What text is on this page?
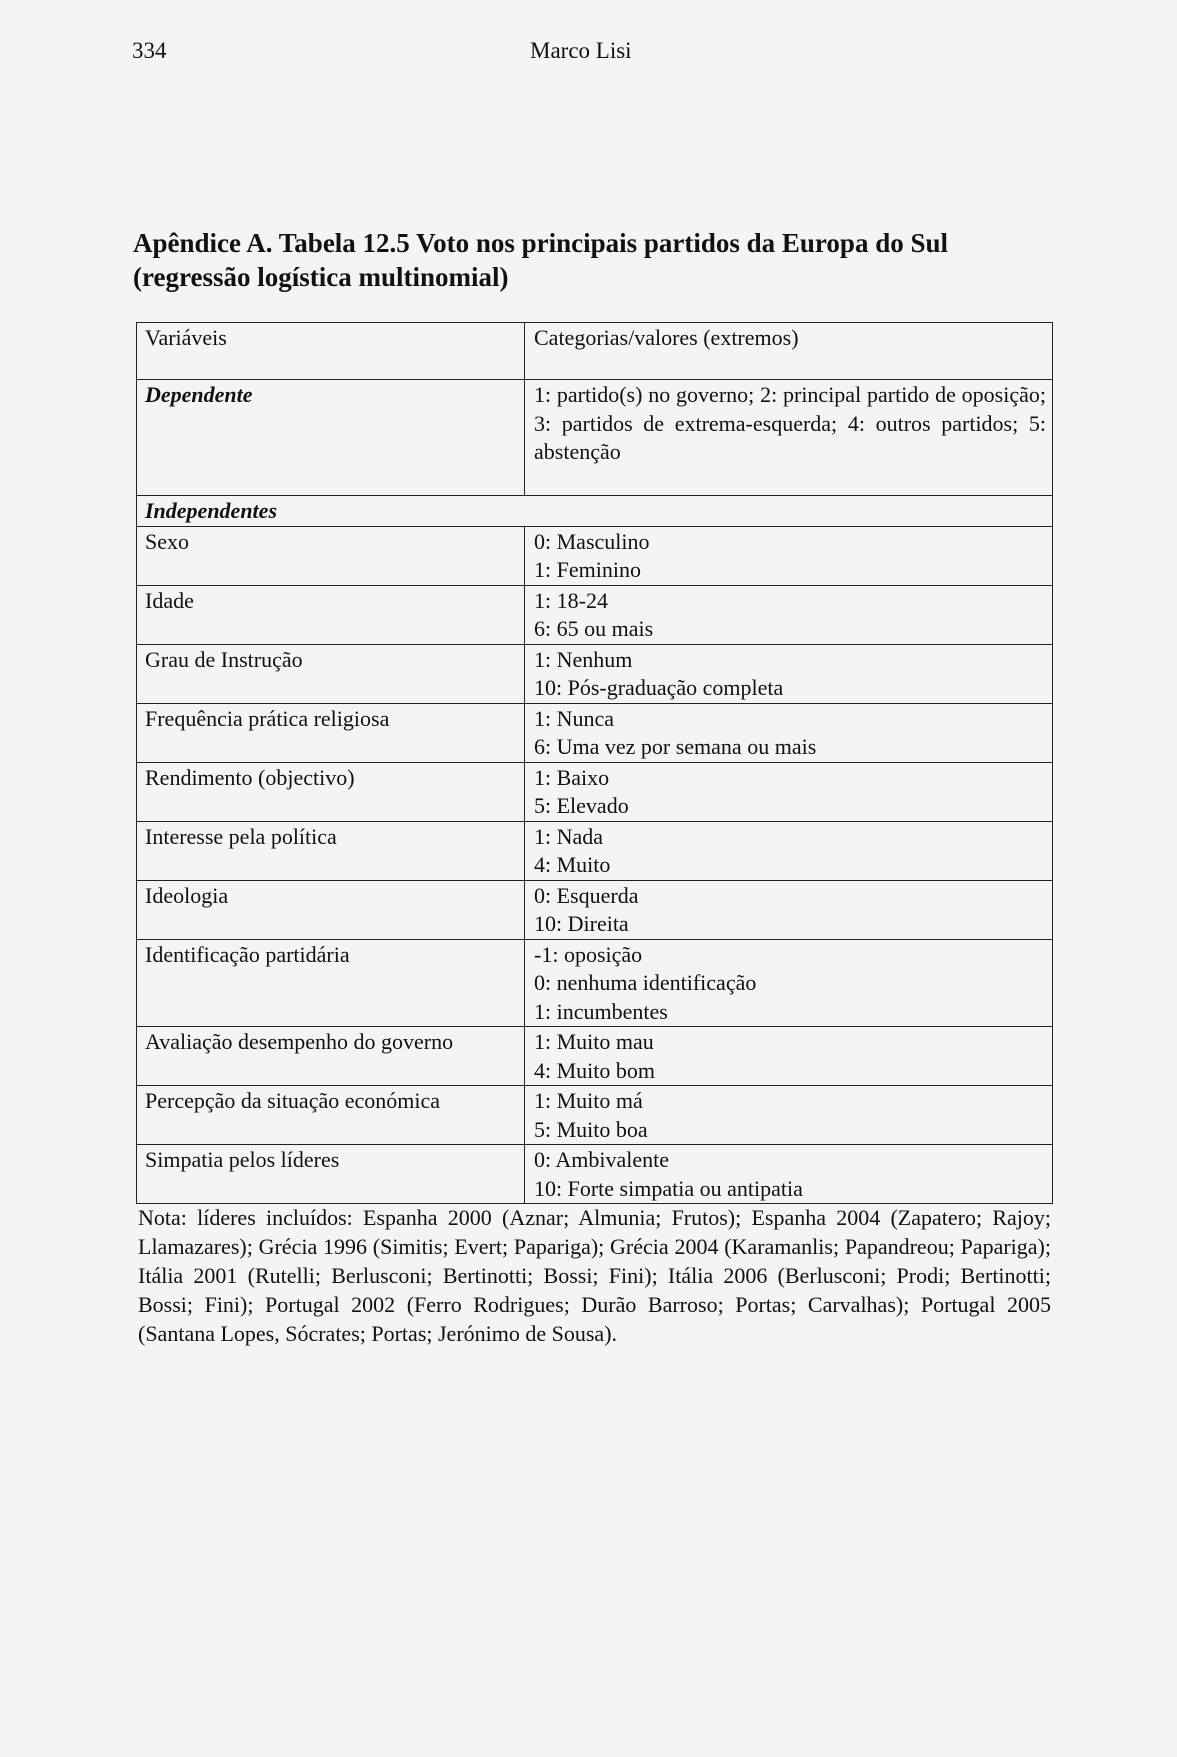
334	Marco Lisi
Apêndice A. Tabela 12.5 Voto nos principais partidos da Europa do Sul (regressão logística multinomial)
Variáveis	Categorias/valores (extremos)
Dependente	1: partido(s) no governo; 2: principal partido de oposição; 3: partidos de extrema-esquerda; 4: outros partidos; 5: abstenção
Independentes	
Sexo	0: Masculino
1: Feminino

Idade	1: 18-24
6: 65 ou mais

Grau de Instrução	1: Nenhum
10: Pós-graduação completa

Frequência prática religiosa	1: Nunca
6: Uma vez por semana ou mais

Rendimento (objectivo)	1: Baixo
5: Elevado

Interesse pela política	1: Nada
4: Muito

Ideologia	0: Esquerda
10: Direita

Identificação partidária	-1: oposição
0: nenhuma identificação
1: incumbentes

Avaliação desempenho do governo	1: Muito mau
4: Muito bom

Percepção da situação económica	1: Muito má
5: Muito boa

Simpatia pelos líderes	0: Ambivalente
10: Forte simpatia ou antipatia
Nota: líderes incluídos: Espanha 2000 (Aznar; Almunia; Frutos); Espanha 2004 (Zapatero; Rajoy; Llamazares); Grécia 1996 (Simitis; Evert; Papariga); Grécia 2004 (Karamanlis; Papandreou; Papariga); Itália 2001 (Rutelli; Berlusconi; Bertinotti; Bossi; Fini); Itália 2006 (Berlusconi; Prodi; Bertinotti; Bossi; Fini); Portugal 2002 (Ferro Rodrigues; Durão Barroso; Portas; Carvalhas); Portugal 2005 (Santana Lopes, Sócrates; Portas; Jerónimo de Sousa).
